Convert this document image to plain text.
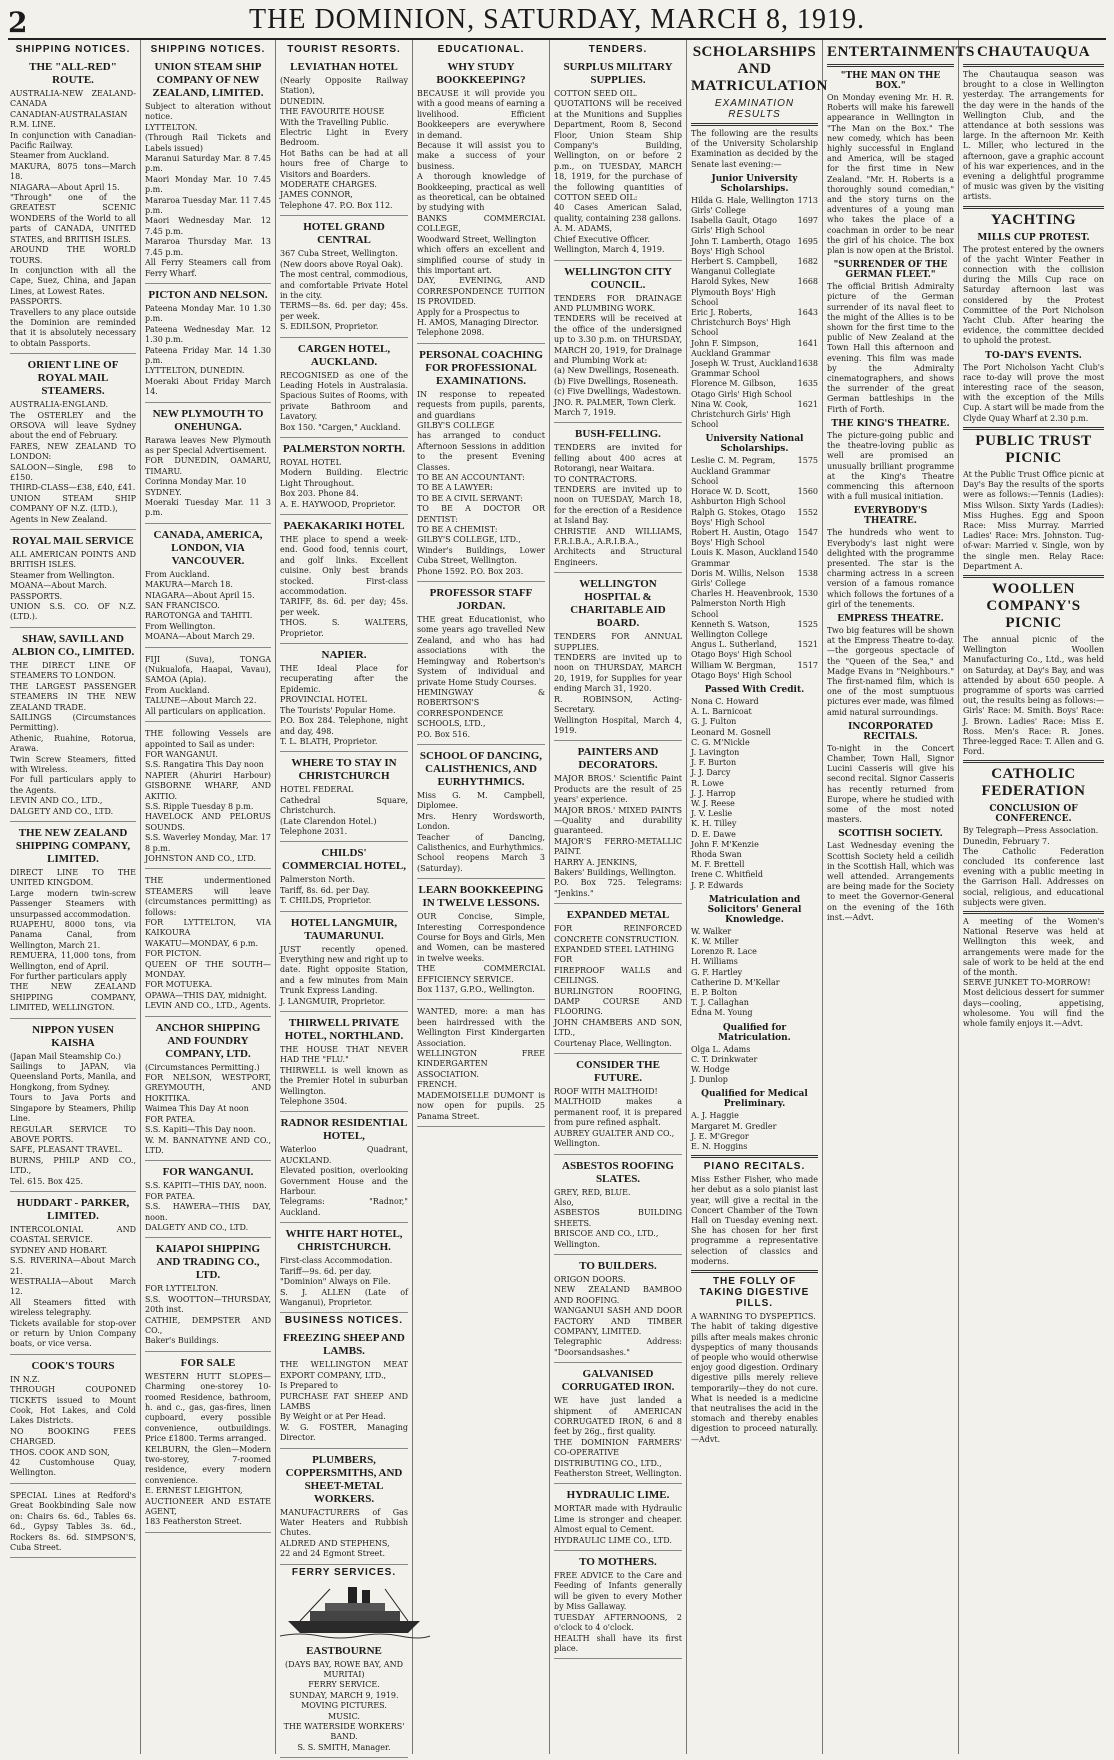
2	THE DOMINION, SATURDAY, MARCH 8, 1919.
SHIPPING NOTICES.
THE "ALL-RED" ROUTE.
AUSTRALIA-NEW ZEALAND-CANADA
CANADIAN-AUSTRALASIAN R.M. LINE.
In conjunction with Canadian-Pacific Railway.
Steamer from Auckland.
MAKURA, 8075 tons—March 18.
NIAGARA—About April 15.
"Through" one of the GREATEST SCENIC WONDERS of the World to all parts of CANADA, UNITED STATES, and BRITISH ISLES.
AROUND THE WORLD TOURS.
In conjunction with all the Cape, Suez, China, and Japan Lines, at Lowest Rates.
PASSPORTS.
Travellers to any place outside the Dominion are reminded that it is absolutely necessary to obtain Passports.
ORIENT LINE OF ROYAL MAIL STEAMERS.
AUSTRALIA-ENGLAND.
The OSTERLEY and the ORSOVA will leave Sydney about the end of February.
FARES, NEW ZEALAND TO LONDON:
SALOON—Single, £98 to £150.
THIRD-CLASS—£38, £40, £41.
UNION STEAM SHIP COMPANY OF N.Z. (LTD.),
Agents in New Zealand.
ROYAL MAIL SERVICE
ALL AMERICAN POINTS AND BRITISH ISLES.
Steamer from Wellington.
MOANA—About March.
PASSPORTS.
UNION S.S. CO. OF N.Z. (LTD.).
SHAW, SAVILL AND ALBION CO., LIMITED.
THE DIRECT LINE OF STEAMERS TO LONDON.
THE LARGEST PASSENGER STEAMERS IN THE NEW ZEALAND TRADE.
SAILINGS (Circumstances Permitting).
Athenic, Ruahine, Rotorua, Arawa.
Twin Screw Steamers, fitted with Wireless.
For full particulars apply to the Agents.
LEVIN AND CO., LTD.,
DALGETY AND CO., LTD.
THE NEW ZEALAND SHIPPING COMPANY, LIMITED.
DIRECT LINE TO THE UNITED KINGDOM.
Large modern twin-screw Passenger Steamers with unsurpassed accommodation.
RUAPEHU, 8000 tons, via Panama Canal, from Wellington, March 21.
REMUERA, 11,000 tons, from Wellington, end of April.
For further particulars apply
THE NEW ZEALAND SHIPPING COMPANY, LIMITED, WELLINGTON.
NIPPON YUSEN KAISHA
(Japan Mail Steamship Co.)
Sailings to JAPAN, via Queensland Ports, Manila, and Hongkong, from Sydney.
Tours to Java Ports and Singapore by Steamers, Philip Line.
REGULAR SERVICE TO ABOVE PORTS.
SAFE, PLEASANT TRAVEL.
BURNS, PHILP AND CO., LTD.,
Tel. 615. Box 425.
HUDDART - PARKER, LIMITED.
INTERCOLONIAL AND COASTAL SERVICE.
SYDNEY AND HOBART.
S.S. RIVERINA—About March 21.
WESTRALIA—About March 12.
All Steamers fitted with wireless telegraphy.
Tickets available for stop-over or return by Union Company boats, or vice versa.
COOK'S TOURS
IN N.Z.
THROUGH COUPONED TICKETS issued to Mount Cook, Hot Lakes, and Cold Lakes Districts.
NO BOOKING FEES CHARGED.
THOS. COOK AND SON,
42 Customhouse Quay, Wellington.
SPECIAL Lines at Redford's Great Bookbinding Sale now on: Chairs 6s. 6d., Tables 6s. 6d., Gypsy Tables 3s. 6d., Rockers 8s. 6d. SIMPSON'S, Cuba Street.
SHIPPING NOTICES.
UNION STEAM SHIP COMPANY OF NEW ZEALAND, LIMITED.
Subject to alteration without notice.
LYTTELTON.
(Through Rail Tickets and Labels issued)
Maranui Saturday Mar. 8 7.45 p.m.
Maori Monday Mar. 10 7.45 p.m.
Mararoa Tuesday Mar. 11 7.45 p.m.
Maori Wednesday Mar. 12 7.45 p.m.
Mararoa Thursday Mar. 13 7.45 p.m.
All Ferry Steamers call from Ferry Wharf.
PICTON AND NELSON.
Pateena Monday Mar. 10 1.30 p.m.
Pateena Wednesday Mar. 12 1.30 p.m.
Pateena Friday Mar. 14 1.30 p.m.
LYTTELTON, DUNEDIN.
Moeraki About Friday March 14.
NEW PLYMOUTH TO ONEHUNGA.
Rarawa leaves New Plymouth as per Special Advertisement.
FOR DUNEDIN, OAMARU, TIMARU.
Corinna Monday Mar. 10
SYDNEY.
Moeraki Tuesday Mar. 11 3 p.m.
CANADA, AMERICA, LONDON, VIA VANCOUVER.
From Auckland.
MAKURA—March 18.
NIAGARA—About April 15.
SAN FRANCISCO.
RAROTONGA and TAHITI.
From Wellington.
MOANA—About March 29.
FIJI (Suva), TONGA (Nukualofa, Haapai, Vavau), SAMOA (Apia).
From Auckland.
TALUNE—About March 22.
All particulars on application.
THE following Vessels are appointed to Sail as under:
FOR WANGANUI.
S.S. Rangatira This Day noon
NAPIER (Ahuriri Harbour) GISBORNE WHARF, AND AKITIO.
S.S. Ripple Tuesday 8 p.m.
HAVELOCK AND PELORUS SOUNDS.
S.S. Waverley Monday, Mar. 17 8 p.m.
JOHNSTON AND CO., LTD.
THE undermentioned STEAMERS will leave (circumstances permitting) as follows:
FOR LYTTELTON, VIA KAIKOURA
WAKATU—MONDAY, 6 p.m.
FOR PICTON.
QUEEN OF THE SOUTH—MONDAY.
FOR MOTUEKA.
OPAWA—THIS DAY, midnight.
LEVIN AND CO., LTD., Agents.
ANCHOR SHIPPING AND FOUNDRY COMPANY, LTD.
(Circumstances Permitting.)
FOR NELSON, WESTPORT, GREYMOUTH, AND HOKITIKA.
Waimea This Day At noon
FOR PATEA.
S.S. Kapiti—This Day noon.
W. M. BANNATYNE AND CO., LTD.
FOR WANGANUI.
S.S. KAPITI—THIS DAY, noon.
FOR PATEA.
S.S. HAWERA—THIS DAY, noon.
DALGETY AND CO., LTD.
KAIAPOI SHIPPING AND TRADING CO., LTD.
FOR LYTTELTON.
S.S. WOOTTON—THURSDAY, 20th inst.
CATHIE, DEMPSTER AND CO.,
Baker's Buildings.
FOR SALE
WESTERN HUTT SLOPES—Charming one-storey 10-roomed Residence, bathroom, h. and c., gas, gas-fires, linen cupboard, every possible convenience, outbuildings. Price £1800. Terms arranged.
KELBURN, the Glen—Modern two-storey, 7-roomed residence, every modern convenience.
E. ERNEST LEIGHTON,
AUCTIONEER AND ESTATE AGENT,
183 Featherston Street.
TOURIST RESORTS.
LEVIATHAN HOTEL
(Nearly Opposite Railway Station),
DUNEDIN.
THE FAVOURITE HOUSE
With the Travelling Public.
Electric Light in Every Bedroom.
Hot Baths can be had at all hours free of Charge to Visitors and Boarders.
MODERATE CHARGES.
JAMES CONNOR,
Telephone 47. P.O. Box 112.
HOTEL GRAND CENTRAL
367 Cuba Street, Wellington.
(New doors above Royal Oak).
The most central, commodious, and comfortable Private Hotel in the city.
TERMS—8s. 6d. per day; 45s. per week.
S. EDILSON, Proprietor.
CARGEN HOTEL, AUCKLAND.
RECOGNISED as one of the Leading Hotels in Australasia. Spacious Suites of Rooms, with private Bathroom and Lavatory.
Box 150. "Cargen," Auckland.
PALMERSTON NORTH.
ROYAL HOTEL
Modern Building. Electric Light Throughout.
Box 203. Phone 84.
A. E. HAYWOOD, Proprietor.
PAEKAKARIKI HOTEL
THE place to spend a week-end. Good food, tennis court, and golf links. Excellent cuisine. Only best brands stocked. First-class accommodation.
TARIFF, 8s. 6d. per day; 45s. per week.
THOS. S. WALTERS, Proprietor.
NAPIER.
THE Ideal Place for recuperating after the Epidemic.
PROVINCIAL HOTEL
The Tourists' Popular Home.
P.O. Box 284. Telephone, night and day, 498.
T. L. BLATH, Proprietor.
WHERE TO STAY IN CHRISTCHURCH
HOTEL FEDERAL
Cathedral Square, Christchurch.
(Late Clarendon Hotel.)
Telephone 2031.
CHILDS' COMMERCIAL HOTEL,
Palmerston North.
Tariff, 8s. 6d. per Day.
T. CHILDS, Proprietor.
HOTEL LANGMUIR, TAUMARUNUI.
JUST recently opened. Everything new and right up to date. Right opposite Station, and a few minutes from Main Trunk Express Landing.
J. LANGMUIR, Proprietor.
THIRWELL PRIVATE HOTEL, NORTHLAND.
THE HOUSE THAT NEVER HAD THE "FLU."
THIRWELL is well known as the Premier Hotel in suburban Wellington.
Telephone 3504.
RADNOR RESIDENTIAL HOTEL,
Waterloo Quadrant, AUCKLAND.
Elevated position, overlooking Government House and the Harbour.
Telegrams: "Radnor," Auckland.
WHITE HART HOTEL, CHRISTCHURCH.
First-class Accommodation.
Tariff—9s. 6d. per day.
"Dominion" Always on File.
S. J. ALLEN (Late of Wanganui), Proprietor.
BUSINESS NOTICES.
FREEZING SHEEP AND LAMBS.
THE WELLINGTON MEAT EXPORT COMPANY, LTD.,
Is Prepared to
PURCHASE FAT SHEEP AND LAMBS
By Weight or at Per Head.
W. G. FOSTER, Managing Director.
PLUMBERS, COPPERSMITHS, AND SHEET-METAL WORKERS.
MANUFACTURERS of Gas Water Heaters and Rubbish Chutes.
ALDRED AND STEPHENS,
22 and 24 Egmont Street.
FERRY SERVICES.
EASTBOURNE
(DAYS BAY, ROWE BAY, AND MURITAI)
FERRY SERVICE.
SUNDAY, MARCH 9, 1919.
MOVING PICTURES.
MUSIC.
THE WATERSIDE WORKERS' BAND.
S. S. SMITH, Manager.
EDUCATIONAL.
WHY STUDY BOOKKEEPING?
BECAUSE it will provide you with a good means of earning a livelihood. Efficient Bookkeepers are everywhere in demand.
Because it will assist you to make a success of your business.
A thorough knowledge of Bookkeeping, practical as well as theoretical, can be obtained by studying with
BANKS COMMERCIAL COLLEGE,
Woodward Street, Wellington
which offers an excellent and simplified course of study in this important art.
DAY, EVENING, AND CORRESPONDENCE TUITION IS PROVIDED.
Apply for a Prospectus to
H. AMOS, Managing Director.
Telephone 2098.
PERSONAL COACHING FOR PROFESSIONAL EXAMINATIONS.
IN response to repeated requests from pupils, parents, and guardians
GILBY'S COLLEGE
has arranged to conduct Afternoon Sessions in addition to the present Evening Classes.
TO BE AN ACCOUNTANT:
TO BE A LAWYER:
TO BE A CIVIL SERVANT:
TO BE A DOCTOR OR DENTIST:
TO BE A CHEMIST:
GILBY'S COLLEGE, LTD.,
Winder's Buildings, Lower Cuba Street, Wellington.
Phone 1592. P.O. Box 203.
PROFESSOR STAFF JORDAN.
THE great Educationist, who some years ago travelled New Zealand, and who has had associations with the Hemingway and Robertson's System of individual and private Home Study Courses.
HEMINGWAY & ROBERTSON'S CORRESPONDENCE SCHOOLS, LTD.,
P.O. Box 516.
SCHOOL OF DANCING, CALISTHENICS, AND EURHYTHMICS.
Miss G. M. Campbell, Diplomee.
Mrs. Henry Wordsworth, London.
Teacher of Dancing, Calisthenics, and Eurhythmics.
School reopens March 3 (Saturday).
LEARN BOOKKEEPING IN TWELVE LESSONS.
OUR Concise, Simple, Interesting Correspondence Course for Boys and Girls, Men and Women, can be mastered in twelve weeks.
THE COMMERCIAL EFFICIENCY SERVICE.
Box 1137, G.P.O., Wellington.
WANTED, more: a man has been hairdressed with the Wellington First Kindergarten Association.
WELLINGTON FREE KINDERGARTEN ASSOCIATION.
FRENCH.
MADEMOISELLE DUMONT is now open for pupils. 25 Panama Street.
TENDERS.
SURPLUS MILITARY SUPPLIES.
COTTON SEED OIL.
QUOTATIONS will be received at the Munitions and Supplies Department, Room 8, Second Floor, Union Steam Ship Company's Building, Wellington, on or before 2 p.m., on TUESDAY, MARCH 18, 1919, for the purchase of the following quantities of COTTON SEED OIL:
40 Cases American Salad, quality, containing 238 gallons.
A. M. ADAMS,
Chief Executive Officer.
Wellington, March 4, 1919.
WELLINGTON CITY COUNCIL.
TENDERS FOR DRAINAGE AND PLUMBING WORK.
TENDERS will be received at the office of the undersigned up to 3.30 p.m. on THURSDAY, MARCH 20, 1919, for Drainage and Plumbing Work at:
(a) New Dwellings, Roseneath.
(b) Five Dwellings, Roseneath.
(c) Five Dwellings, Wadestown.
JNO. R. PALMER, Town Clerk.
March 7, 1919.
BUSH-FELLING.
TENDERS are invited for felling about 400 acres at Rotorangi, near Waitara.
TO CONTRACTORS.
TENDERS are invited up to noon on TUESDAY, March 18, for the erection of a Residence at Island Bay.
CHRISTIE AND WILLIAMS, F.R.I.B.A., A.R.I.B.A.,
Architects and Structural Engineers.
WELLINGTON HOSPITAL & CHARITABLE AID BOARD.
TENDERS FOR ANNUAL SUPPLIES.
TENDERS are invited up to noon on THURSDAY, MARCH 20, 1919, for Supplies for year ending March 31, 1920.
R. ROBINSON, Acting-Secretary.
Wellington Hospital, March 4, 1919.
PAINTERS AND DECORATORS.
MAJOR BROS.' Scientific Paint Products are the result of 25 years' experience.
MAJOR BROS.' MIXED PAINTS—Quality and durability guaranteed.
MAJOR'S FERRO-METALLIC PAINT.
HARRY A. JENKINS,
Bakers' Buildings, Wellington.
P.O. Box 725. Telegrams: "Jenkins."
EXPANDED METAL
FOR REINFORCED CONCRETE CONSTRUCTION.
EXPANDED STEEL LATHING
FOR
FIREPROOF WALLS and CEILINGS.
BURLINGTON ROOFING, DAMP COURSE AND FLOORING.
JOHN CHAMBERS AND SON, LTD.,
Courtenay Place, Wellington.
CONSIDER THE FUTURE.
ROOF WITH MALTHOID!
MALTHOID makes a permanent roof, it is prepared from pure refined asphalt.
AUBREY GUALTER AND CO.,
Wellington.
ASBESTOS ROOFING SLATES.
GREY, RED, BLUE.
Also,
ASBESTOS BUILDING SHEETS.
BRISCOE AND CO., LTD.,
Wellington.
TO BUILDERS.
ORIGON DOORS.
NEW ZEALAND BAMBOO AND ROOFING.
WANGANUI SASH AND DOOR FACTORY AND TIMBER COMPANY, LIMITED.
Telegraphic Address: "Doorsandsashes."
GALVANISED CORRUGATED IRON.
WE have just landed a shipment of AMERICAN CORRUGATED IRON, 6 and 8 feet by 26g., first quality.
THE DOMINION FARMERS' CO-OPERATIVE DISTRIBUTING CO., LTD.,
Featherston Street, Wellington.
HYDRAULIC LIME.
MORTAR made with Hydraulic Lime is stronger and cheaper. Almost equal to Cement.
HYDRAULIC LIME CO., LTD.
TO MOTHERS.
FREE ADVICE to the Care and Feeding of Infants generally will be given to every Mother by Miss Gallaway.
TUESDAY AFTERNOONS, 2 o'clock to 4 o'clock.
HEALTH shall have its first place.
SCHOLARSHIPS AND MATRICULATION
EXAMINATION RESULTS
The following are the results of the University Scholarship Examination as decided by the Senate last evening:—
Junior University Scholarships.
Hilda G. Hale, Wellington Girls' College
1713
Isabella Gault, Otago Girls' High School
1697
John T. Lamberth, Otago Boys' High School
1695
Herbert S. Campbell, Wanganui Collegiate
1682
Harold Sykes, New Plymouth Boys' High School
1668
Eric J. Roberts, Christchurch Boys' High School
1643
John F. Simpson, Auckland Grammar
1641
Joseph W. Trust, Auckland Grammar School
1638
Florence M. Gilbson, Otago Girls' High School
1635
Nina W. Cook, Christchurch Girls' High School
1621
University National Scholarships.
Leslie C. M. Pegram, Auckland Grammar School
1575
Horace W. D. Scott, Ashburton High School
1560
Ralph G. Stokes, Otago Boys' High School
1552
Robert H. Austin, Otago Boys' High School
1547
Louis K. Mason, Auckland Grammar
1540
Doris M. Willis, Nelson Girls' College
1538
Charles H. Heavenbrook, Palmerston North High School
1530
Kenneth S. Watson, Wellington College
1525
Angus L. Sutherland, Otago Boys' High School
1521
William W. Bergman, Otago Boys' High School
1517
Passed With Credit.
Nona C. Howard
A. L. Barnicoat
G. J. Fulton
Leonard M. Gosnell
C. G. M'Nickle
J. Lavington
J. F. Burton
J. J. Darcy
R. Lowe
J. J. Harrop
W. J. Reese
J. V. Leslie
K. H. Tilley
D. E. Dawe
John F. M'Kenzie
Rhoda Swan
M. F. Brettell
Irene C. Whitfield
J. P. Edwards
Matriculation and Solicitors' General Knowledge.
W. Walker
K. W. Miller
Lorenzo R. Lace
H. Williams
G. F. Hartley
Catherine D. M'Kellar
E. P. Bolton
T. J. Callaghan
Edna M. Young
Qualified for Matriculation.
Olga L. Adams
C. T. Drinkwater
W. Hodge
J. Dunlop
Qualified for Medical Preliminary.
A. J. Haggie
Margaret M. Gredler
J. E. M'Gregor
E. N. Hoggins
PIANO RECITALS.
Miss Esther Fisher, who made her debut as a solo pianist last year, will give a recital in the Concert Chamber of the Town Hall on Tuesday evening next. She has chosen for her first programme a representative selection of classics and moderns.
THE FOLLY OF TAKING DIGESTIVE PILLS.
A WARNING TO DYSPEPTICS.
The habit of taking digestive pills after meals makes chronic dyspeptics of many thousands of people who would otherwise enjoy good digestion. Ordinary digestive pills merely relieve temporarily—they do not cure. What is needed is a medicine that neutralises the acid in the stomach and thereby enables digestion to proceed naturally.—Advt.
ENTERTAINMENTS
"THE MAN ON THE BOX."
On Monday evening Mr. H. R. Roberts will make his farewell appearance in Wellington in "The Man on the Box." The new comedy, which has been highly successful in England and America, will be staged for the first time in New Zealand. "Mr. H. Roberts is a thoroughly sound comedian," and the story turns on the adventures of a young man who takes the place of a coachman in order to be near the girl of his choice. The box plan is now open at the Bristol.
"SURRENDER OF THE GERMAN FLEET."
The official British Admiralty picture of the German surrender of its naval fleet to the might of the Allies is to be shown for the first time to the public of New Zealand at the Town Hall this afternoon and evening. This film was made by the Admiralty cinematographers, and shows the surrender of the great German battleships in the Firth of Forth.
THE KING'S THEATRE.
The picture-going public and the theatre-loving public as well are promised an unusually brilliant programme at the King's Theatre commencing this afternoon with a full musical initiation.
EVERYBODY'S THEATRE.
The hundreds who went to Everybody's last night were delighted with the programme presented. The star is the charming actress in a screen version of a famous romance which follows the fortunes of a girl of the tenements.
EMPRESS THEATRE.
Two big features will be shown at the Empress Theatre to-day.—the gorgeous spectacle of the "Queen of the Sea," and Madge Evans in "Neighbours." The first-named film, which is one of the most sumptuous pictures ever made, was filmed amid natural surroundings.
INCORPORATED RECITALS.
To-night in the Concert Chamber, Town Hall, Signor Lucini Casseris will give his second recital. Signor Casseris has recently returned from Europe, where he studied with some of the most noted masters.
SCOTTISH SOCIETY.
Last Wednesday evening the Scottish Society held a ceilidh in the Scottish Hall, which was well attended. Arrangements are being made for the Society to meet the Governor-General on the evening of the 16th inst.—Advt.
CHAUTAUQUA
The Chautauqua season was brought to a close in Wellington yesterday. The arrangements for the day were in the hands of the Wellington Club, and the attendance at both sessions was large. In the afternoon Mr. Keith L. Miller, who lectured in the afternoon, gave a graphic account of his war experiences, and in the evening a delightful programme of music was given by the visiting artists.
YACHTING
MILLS CUP PROTEST.
The protest entered by the owners of the yacht Winter Feather in connection with the collision during the Mills Cup race on Saturday afternoon last was considered by the Protest Committee of the Port Nicholson Yacht Club. After hearing the evidence, the committee decided to uphold the protest.
TO-DAY'S EVENTS.
The Port Nicholson Yacht Club's race to-day will prove the most interesting race of the season, with the exception of the Mills Cup. A start will be made from the Clyde Quay Wharf at 2.30 p.m.
PUBLIC TRUST PICNIC
At the Public Trust Office picnic at Day's Bay the results of the sports were as follows:—Tennis (Ladies): Miss Wilson. Sixty Yards (Ladies): Miss Hughes. Egg and Spoon Race: Miss Murray. Married Ladies' Race: Mrs. Johnston. Tug-of-war: Married v. Single, won by the single men. Relay Race: Department A.
WOOLLEN COMPANY'S PICNIC
The annual picnic of the Wellington Woollen Manufacturing Co., Ltd., was held on Saturday, at Day's Bay, and was attended by about 650 people. A programme of sports was carried out, the results being as follows:—Girls' Race: M. Smith. Boys' Race: J. Brown. Ladies' Race: Miss E. Ross. Men's Race: R. Jones. Three-legged Race: T. Allen and G. Ford.
CATHOLIC FEDERATION
CONCLUSION OF CONFERENCE.
By Telegraph—Press Association.
Dunedin, February 7.
The Catholic Federation concluded its conference last evening with a public meeting in the Garrison Hall. Addresses on social, religious, and educational subjects were given.
A meeting of the Women's National Reserve was held at Wellington this week, and arrangements were made for the sale of work to be held at the end of the month.
SERVE JUNKET TO-MORROW!
Most delicious dessert for summer days—cooling, appetising, wholesome. You will find the whole family enjoys it.—Advt.
